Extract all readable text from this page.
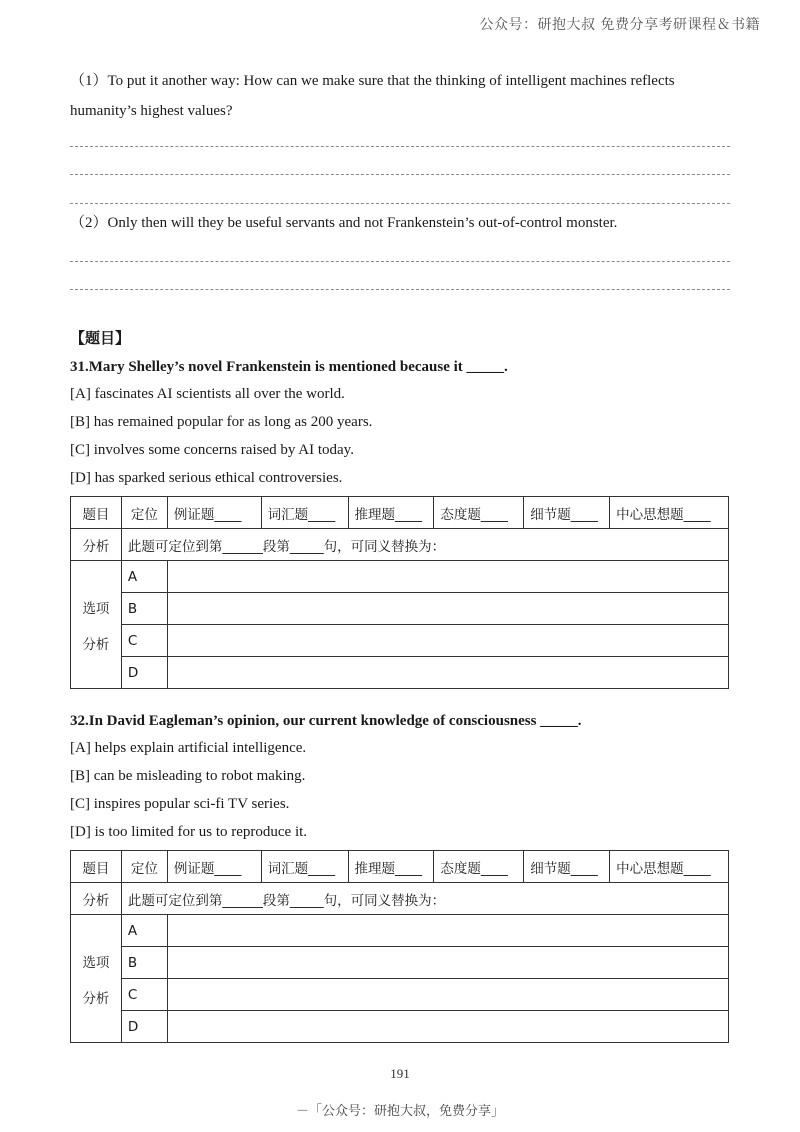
公众号：研抱大叔 免费分享考研课程＆书籍
（1）To put it another way: How can we make sure that the thinking of intelligent machines reflects humanity’s highest values?
（2）Only then will they be useful servants and not Frankenstein’s out-of-control monster.
【题目】
31.Mary Shelley’s novel Frankenstein is mentioned because it _____.
[A] fascinates AI scientists all over the world.
[B] has remained popular for as long as 200 years.
[C] involves some concerns raised by AI today.
[D] has sparked serious ethical controversies.
题目	定位	例证题____	词汇题____	推理题____	态度题____	细节题____	中心思想题____
分析	此题可定位到第______段第_____句，可同义替换为：						
选项

分析	A						
	B						
	C						
	D						
32.In David Eagleman’s opinion, our current knowledge of consciousness _____.
[A] helps explain artificial intelligence.
[B] can be misleading to robot making.
[C] inspires popular sci-fi TV series.
[D] is too limited for us to reproduce it.
题目	定位	例证题____	词汇题____	推理题____	态度题____	细节题____	中心思想题____
分析	此题可定位到第______段第_____句，可同义替换为：						
选项

分析	A						
	B						
	C						
	D						
191
－「公众号：研抱大叔，免费分享」
